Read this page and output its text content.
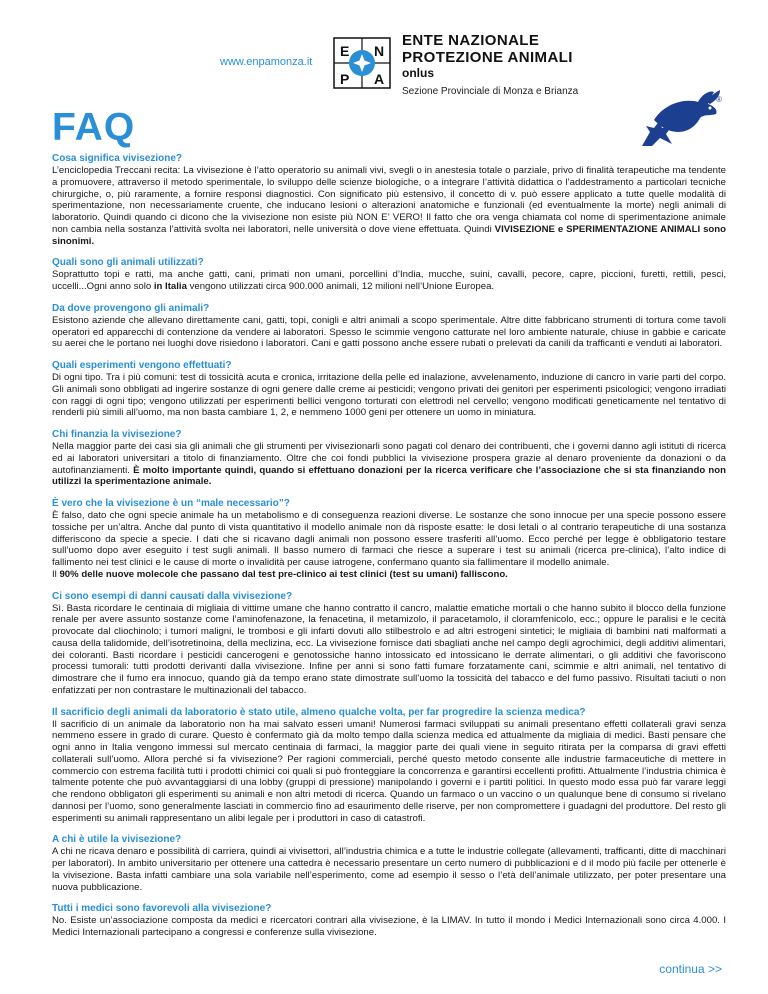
www.enpamonza.it
E N
P A
ENTE NAZIONALE
PROTEZIONE ANIMALI
onlus
Sezione Provinciale di Monza e Brianza
®
FAQ
Cosa significa vivisezione?
L’enciclopedia Treccani recita: La vivisezione è l’atto operatorio su animali vivi, svegli o in anestesia totale o parziale, privo di finalità terapeutiche ma tendente a promuovere, attraverso il metodo sperimentale, lo sviluppo delle scienze biologiche, o a integrare l’attività didattica o l’addestramento a particolari tecniche chirurgiche, o, più raramente, a fornire responsi diagnostici. Con significato più estensivo, il concetto di v. può essere applicato a tutte quelle modalità di sperimentazione, non necessariamente cruente, che inducano lesioni o alterazioni anatomiche e funzionali (ed eventualmente la morte) negli animali di laboratorio. Quindi quando ci dicono che la vivisezione non esiste più NON E’ VERO! Il fatto che ora venga chiamata col nome di sperimentazione animale non cambia nella sostanza l’attività svolta nei laboratori, nelle università o dove viene effettuata. Quindi VIVISEZIONE e SPERIMENTAZIONE ANIMALI sono sinonimi.
Quali sono gli animali utilizzati?
Soprattutto topi e ratti, ma anche gatti, cani, primati non umani, porcellini d’India, mucche, suini, cavalli, pecore, capre, piccioni, furetti, rettili, pesci, uccelli...Ogni anno solo in Italia vengono utilizzati circa 900.000 animali, 12 milioni nell’Unione Europea.
Da dove provengono gli animali?
Esistono aziende che allevano direttamente cani, gatti, topi, conigli e altri animali a scopo sperimentale. Altre ditte fabbricano strumenti di tortura come tavoli operatori ed apparecchi di contenzione da vendere ai laboratori. Spesso le scimmie vengono catturate nel loro ambiente naturale, chiuse in gabbie e caricate su aerei che le portano nei luoghi dove risiedono i laboratori. Cani e gatti possono anche essere rubati o prelevati da canili da trafficanti e venduti ai laboratori.
Quali esperimenti vengono effettuati?
Di ogni tipo. Tra i più comuni: test di tossicità acuta e cronica, irritazione della pelle ed inalazione, avvelenamento, induzione di cancro in varie parti del corpo. Gli animali sono obbligati ad ingerire sostanze di ogni genere dalle creme ai pesticidi; vengono privati dei genitori per esperimenti psicologici; vengono irradiati con raggi di ogni tipo; vengono utilizzati per esperimenti bellici vengono torturati con elettrodi nel cervello; vengono modificati geneticamente nel tentativo di renderli più simili all’uomo, ma non basta cambiare 1, 2, e nemmeno 1000 geni per ottenere un uomo in miniatura.
Chi finanzia la vivisezione?
Nella maggior parte dei casi sia gli animali che gli strumenti per vivisezionarli sono pagati col denaro dei contribuenti, che i governi danno agli istituti di ricerca ed ai laboratori universitari a titolo di finanziamento. Oltre che coi fondi pubblici la vivisezione prospera grazie al denaro proveniente da donazioni o da autofinanziamenti. È molto importante quindi, quando si effettuano donazioni per la ricerca verificare che l’associazione che si sta finanziando non utilizzi la sperimentazione animale.
È vero che la vivisezione è un “male necessario”?
È falso, dato che ogni specie animale ha un metabolismo e di conseguenza reazioni diverse. Le sostanze che sono innocue per una specie possono essere tossiche per un’altra. Anche dal punto di vista quantitativo il modello animale non dà risposte esatte: le dosi letali o al contrario terapeutiche di una sostanza differiscono da specie a specie. I dati che si ricavano dagli animali non possono essere trasferiti all’uomo. Ecco perché per legge è obbligatorio testare sull’uomo dopo aver eseguito i test sugli animali. Il basso numero di farmaci che riesce a superare i test su animali (ricerca pre-clinica), l’alto indice di fallimento nei test clinici e le cause di morte o invalidità per cause iatrogene, confermano quanto sia fallimentare il modello animale.
Il 90% delle nuove molecole che passano dal test pre-clinico ai test clinici (test su umani) falliscono.
Ci sono esempi di danni causati dalla vivisezione?
Sì. Basta ricordare le centinaia di migliaia di vittime umane che hanno contratto il cancro, malattie ematiche mortali o che hanno subito il blocco della funzione renale per avere assunto sostanze come l’aminofenazone, la fenacetina, il metamizolo, il paracetamolo, il cloramfenicolo, ecc.; oppure le paralisi e le cecità provocate dal cliochinolo; i tumori maligni, le trombosi e gli infarti dovuti allo stilbestrolo e ad altri estrogeni sintetici; le migliaia di bambini nati malformati a causa della talidomide, dell’isotretinoina, della meclizina, ecc. La vivisezione fornisce dati sbagliati anche nel campo degli agrochimici, degli additivi alimentari, dei coloranti. Basti ricordare i pesticidi cancerogeni e genotossiche hanno intossicato ed intossicano le derrate alimentari, o gli additivi che favoriscono processi tumorali: tutti prodotti derivanti dalla vivisezione. Infine per anni si sono fatti fumare forzatamente cani, scimmie e altri animali, nel tentativo di dimostrare che il fumo era innocuo, quando già da tempo erano state dimostrate sull’uomo la tossicità del tabacco e del fumo passivo. Risultati taciuti o non enfatizzati per non contrastare le multinazionali del tabacco.
Il sacrificio degli animali da laboratorio è stato utile, almeno qualche volta, per far progredire la scienza medica?
Il sacrificio di un animale da laboratorio non ha mai salvato esseri umani! Numerosi farmaci sviluppati su animali presentano effetti collaterali gravi senza nemmeno essere in grado di curare. Questo è confermato già da molto tempo dalla scienza medica ed attualmente da migliaia di medici. Basti pensare che ogni anno in Italia vengono immessi sul mercato centinaia di farmaci, la maggior parte dei quali viene in seguito ritirata per la comparsa di gravi effetti collaterali sull’uomo. Allora perché si fa vivisezione? Per ragioni commerciali, perché questo metodo consente alle industrie farmaceutiche di mettere in commercio con estrema facilità tutti i prodotti chimici coi quali si può fronteggiare la concorrenza e garantirsi eccellenti profitti. Attualmente l’industria chimica è talmente potente che può avvantaggiarsi di una lobby (gruppi di pressione) manipolando i governi e i partiti politici. In questo modo essa può far varare leggi che rendono obbligatori gli esperimenti su animali e non altri metodi di ricerca. Quando un farmaco o un vaccino o un qualunque bene di consumo si rivelano dannosi per l’uomo, sono generalmente lasciati in commercio fino ad esaurimento delle riserve, per non compromettere i guadagni del produttore. Del resto gli esperimenti su animali rappresentano un alibi legale per i produttori in caso di catastrofi.
A chi è utile la vivisezione?
A chi ne ricava denaro e possibilità di carriera, quindi ai vivisettori, all’industria chimica e a tutte le industrie collegate (allevamenti, trafficanti, ditte di macchinari per laboratori). In ambito universitario per ottenere una cattedra è necessario presentare un certo numero di pubblicazioni e d il modo più facile per ottenerle è la vivisezione. Basta infatti cambiare una sola variabile nell’esperimento, come ad esempio il sesso o l’età dell’animale utilizzato, per poter presentare una nuova pubblicazione.
Tutti i medici sono favorevoli alla vivisezione?
No. Esiste un’associazione composta da medici e ricercatori contrari alla vivisezione, è la LIMAV. In tutto il mondo i Medici Internazionali sono circa 4.000. I Medici Internazionali partecipano a congressi e conferenze sulla vivisezione.
continua >>
